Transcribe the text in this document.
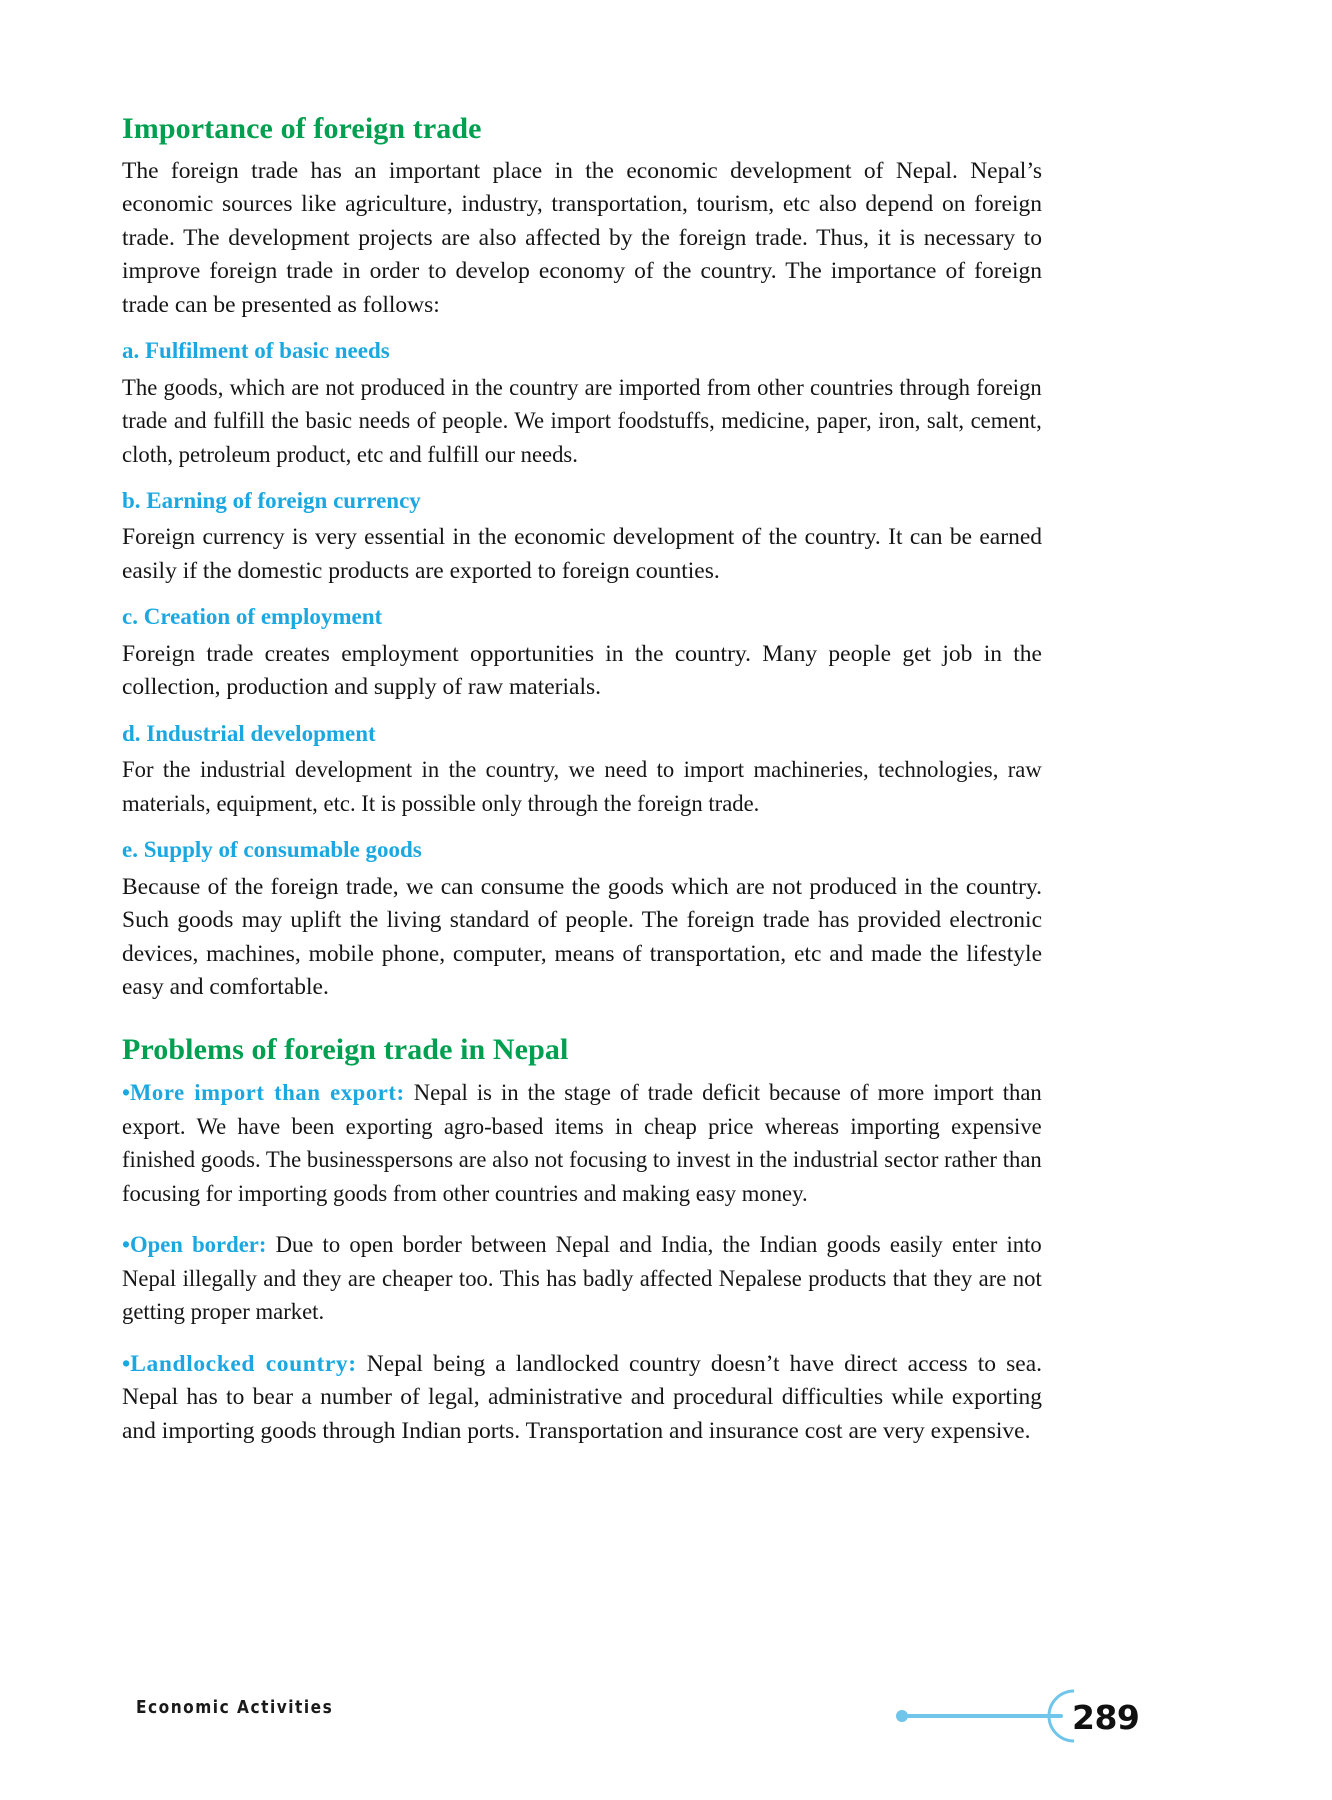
Importance of foreign trade

The foreign trade has an important place in the economic development of Nepal. Nepal’s economic sources like agriculture, industry, transportation, tourism, etc also depend on foreign trade. The development projects are also affected by the foreign trade. Thus, it is necessary to improve foreign trade in order to develop economy of the country. The importance of foreign trade can be presented as follows:

a. Fulfilment of basic needs

The goods, which are not produced in the country are imported from other countries through foreign trade and fulfill the basic needs of people. We import foodstuffs, medicine, paper, iron, salt, cement, cloth, petroleum product, etc and fulfill our needs.

b. Earning of foreign currency

Foreign currency is very essential in the economic development of the country. It can be earned easily if the domestic products are exported to foreign counties.

c. Creation of employment

Foreign trade creates employment opportunities in the country. Many people get job in the collection, production and supply of raw materials.

d. Industrial development

For the industrial development in the country, we need to import machineries, technologies, raw materials, equipment, etc. It is possible only through the foreign trade.

e. Supply of consumable goods

Because of the foreign trade, we can consume the goods which are not produced in the country. Such goods may uplift the living standard of people. The foreign trade has provided electronic devices, machines, mobile phone, computer, means of transportation, etc and made the lifestyle easy and comfortable.

Problems of foreign trade in Nepal

•More import than export: Nepal is in the stage of trade deficit because of more import than export. We have been exporting agro-based items in cheap price whereas importing expensive finished goods. The businesspersons are also not focusing to invest in the industrial sector rather than focusing for importing goods from other countries and making easy money.

•Open border: Due to open border between Nepal and India, the Indian goods easily enter into Nepal illegally and they are cheaper too. This has badly affected Nepalese products that they are not getting proper market.

•Landlocked country: Nepal being a landlocked country doesn’t have direct access to sea. Nepal has to bear a number of legal, administrative and procedural difficulties while exporting and importing goods through Indian ports. Transportation and insurance cost are very expensive.

Economic Activities	289
